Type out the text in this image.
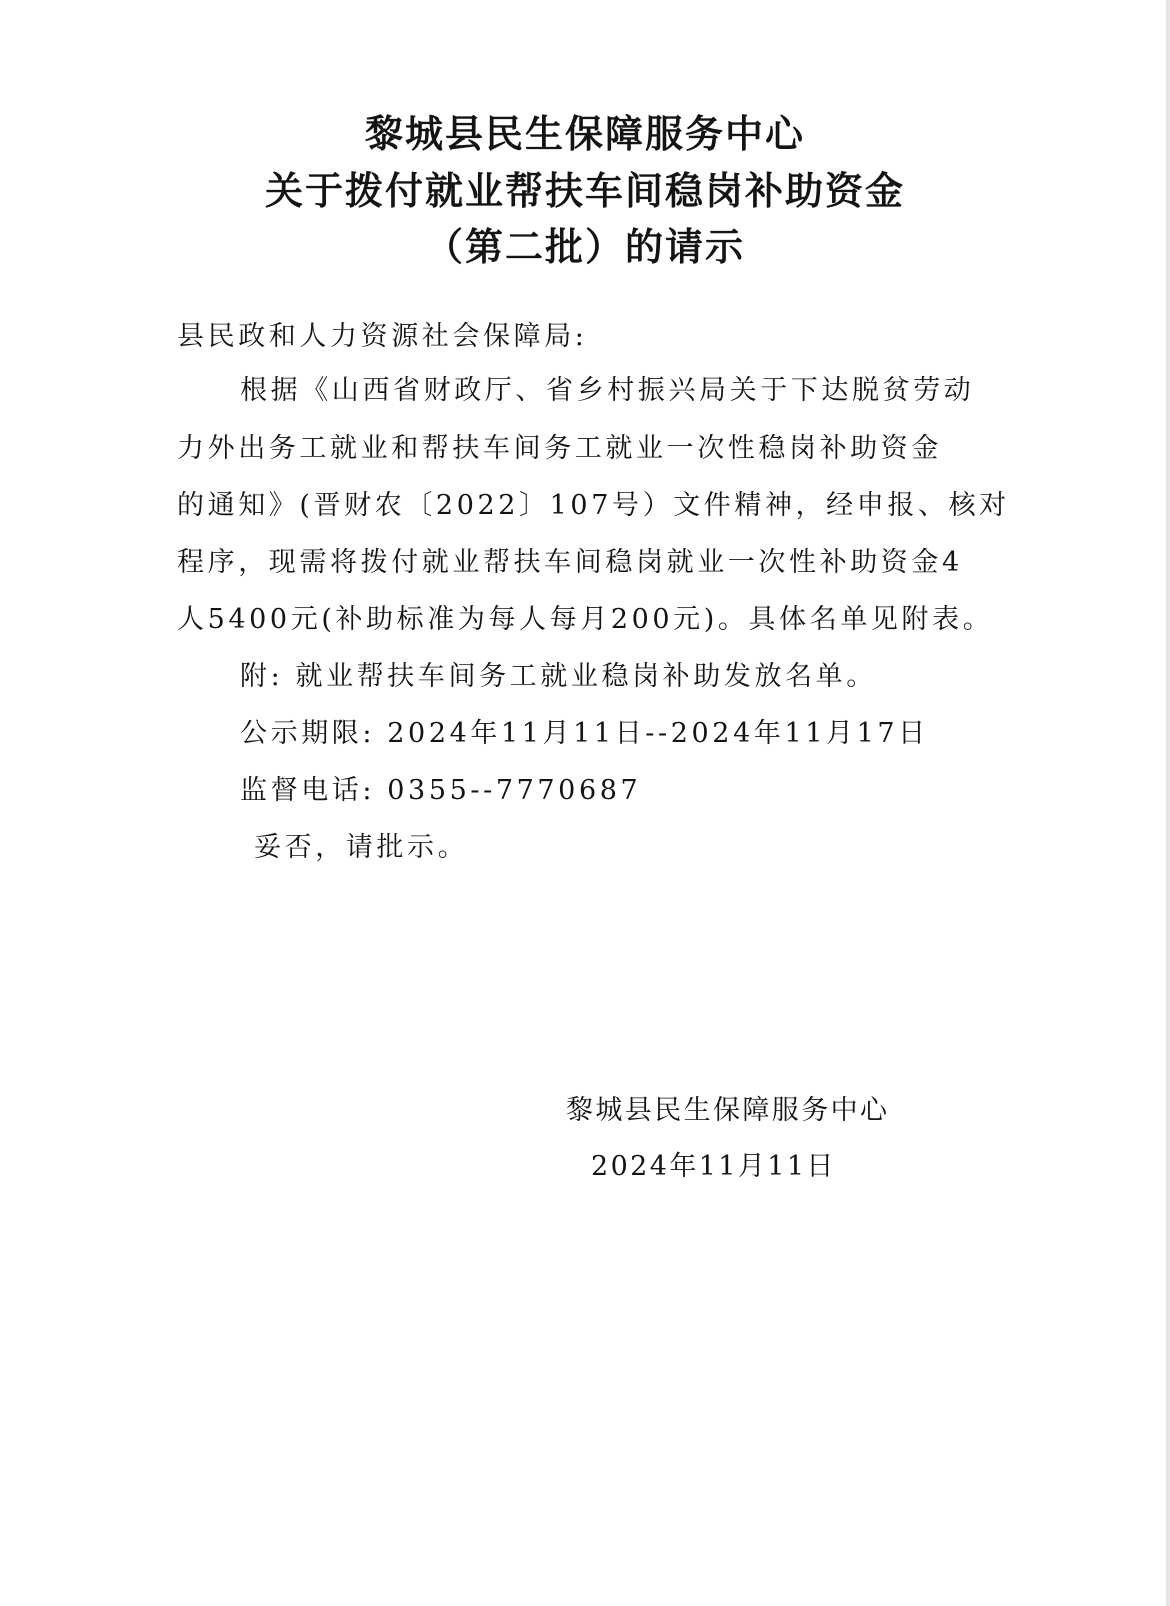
黎城县民生保障服务中心
关于拨付就业帮扶车间稳岗补助资金
（第二批）的请示
县民政和人力资源社会保障局:
根据《山西省财政厅、省乡村振兴局关于下达脱贫劳动
力外出务工就业和帮扶车间务工就业一次性稳岗补助资金
的通知》(晋财农〔2022〕107号）文件精神，经申报、核对
程序，现需将拨付就业帮扶车间稳岗就业一次性补助资金4
人5400元(补助标准为每人每月200元)。具体名单见附表。
附: 就业帮扶车间务工就业稳岗补助发放名单。
公示期限: 2024年11月11日--2024年11月17日
监督电话: 0355--7770687
妥否，请批示。
黎城县民生保障服务中心
2024年11月11日
